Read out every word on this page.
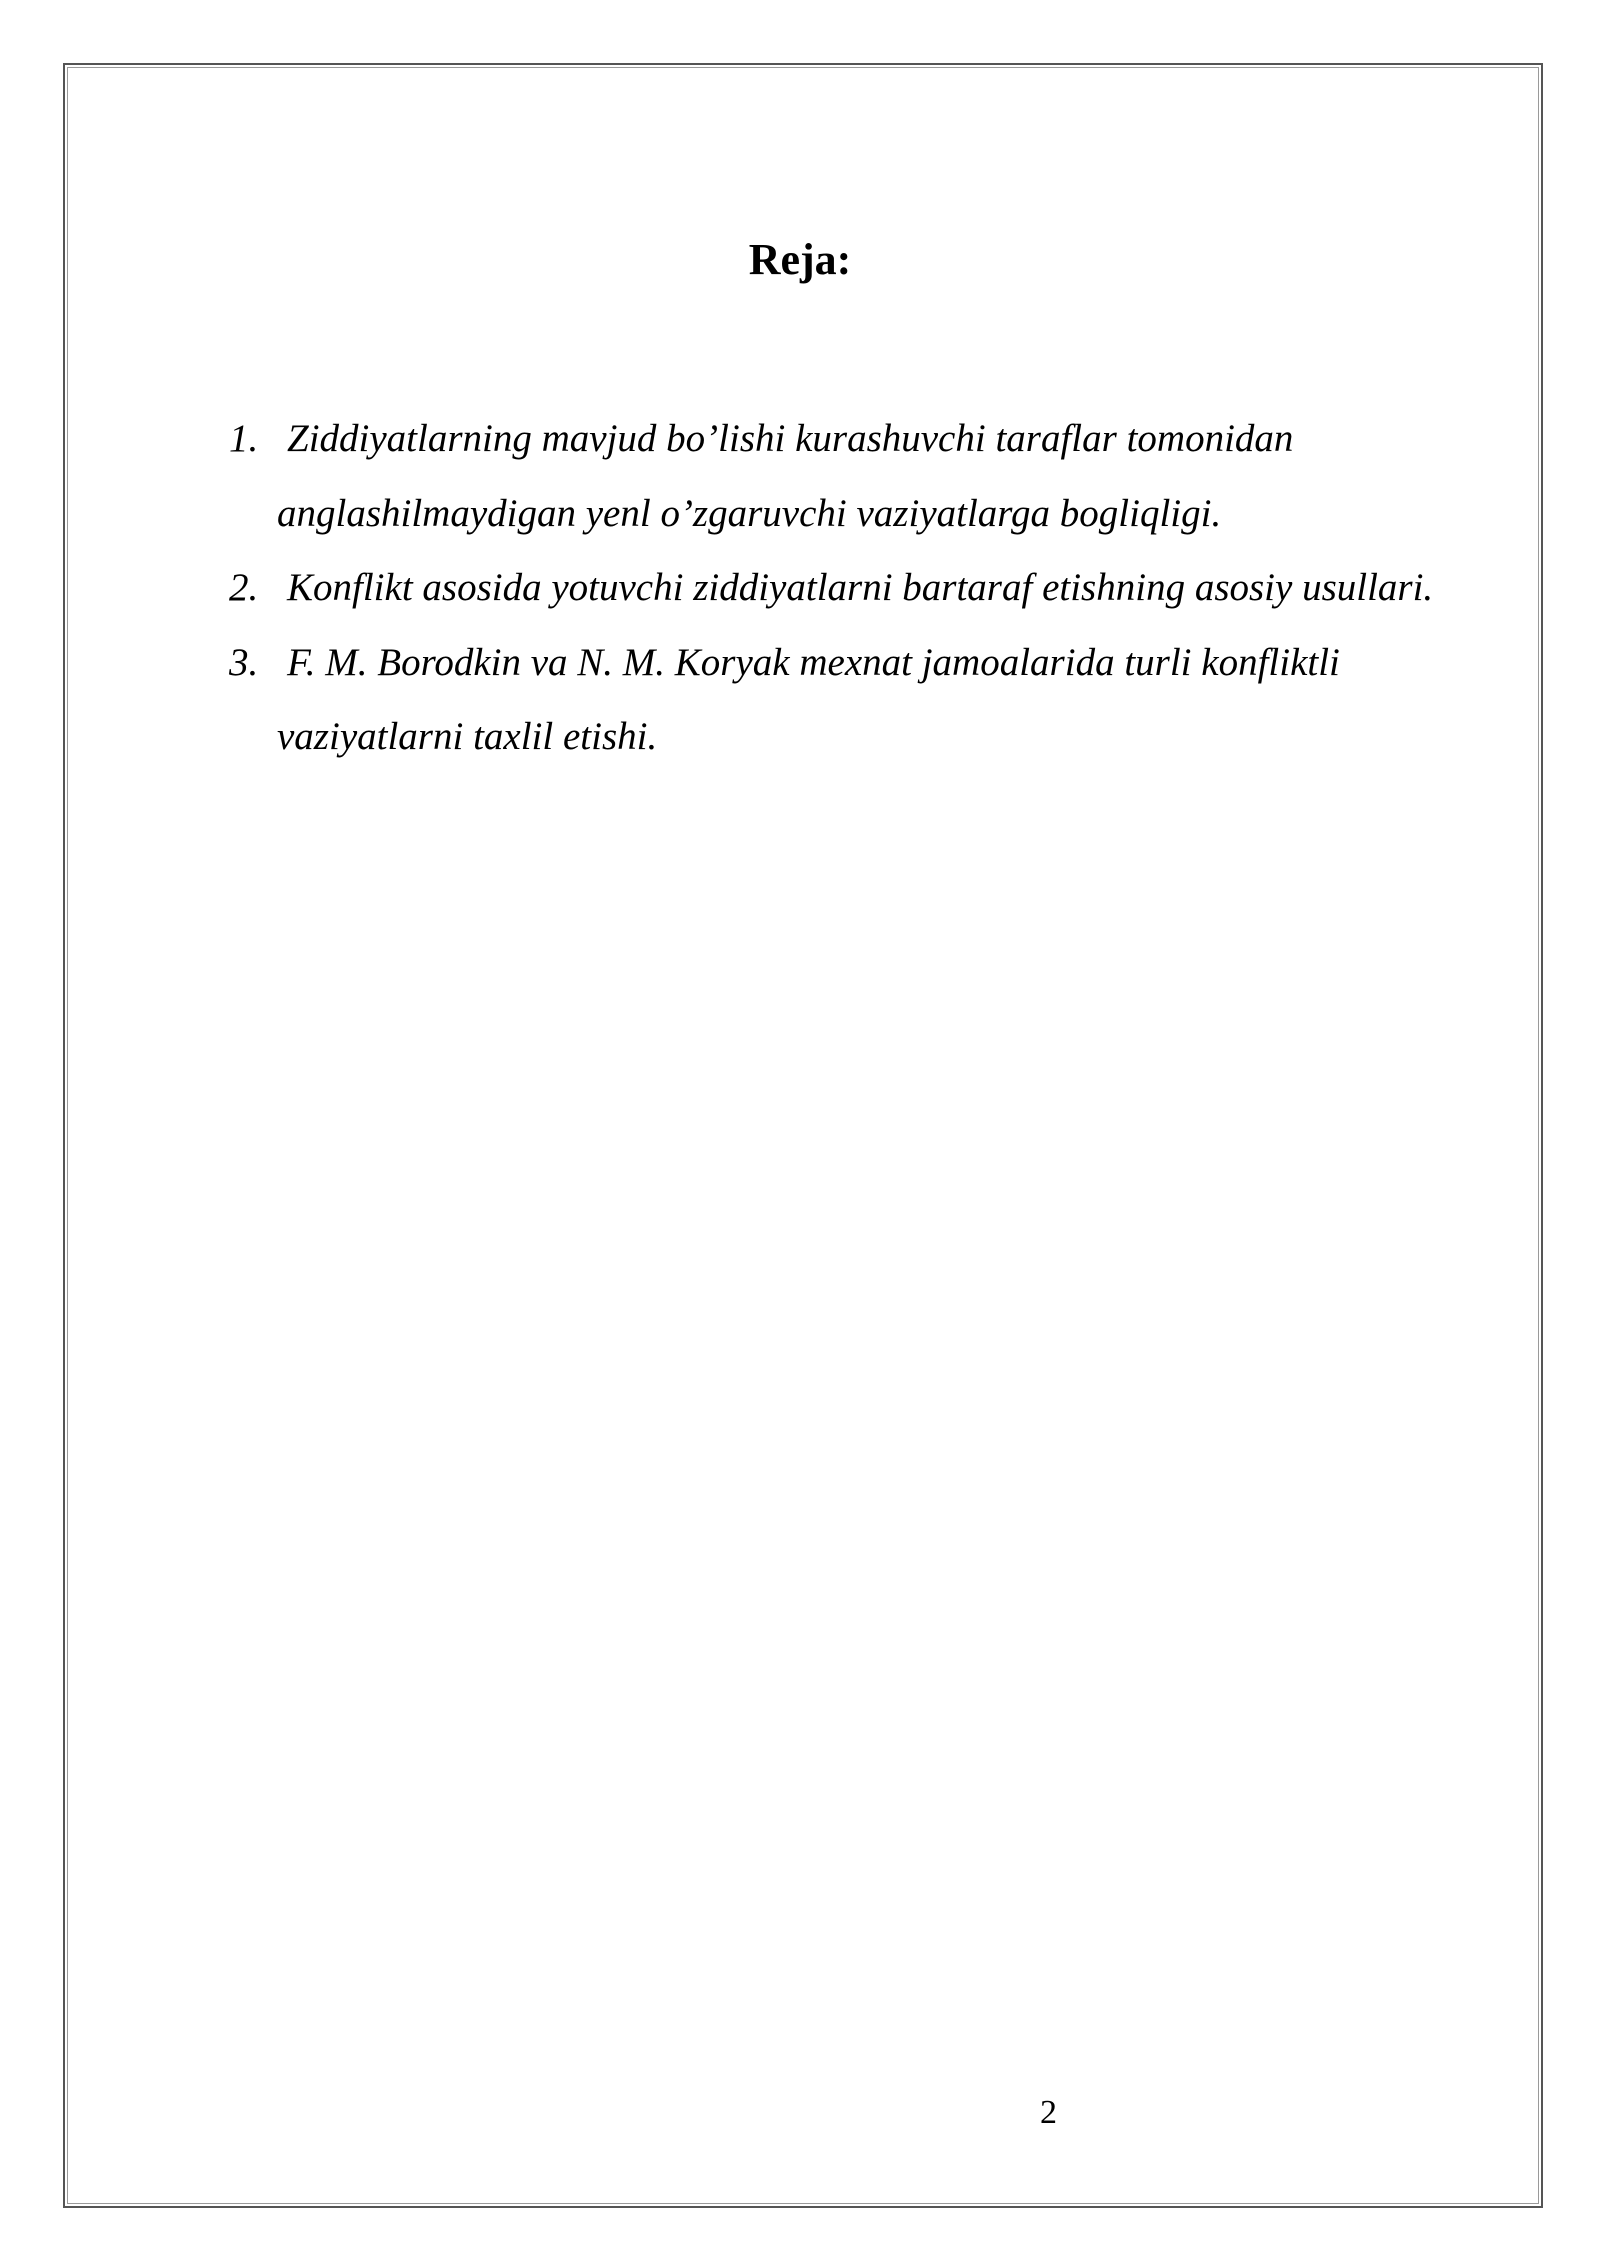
Reja:
1. Ziddiyatlarning mavjud bo’lishi kurashuvchi taraflar tomonidan anglashilmaydigan yenl o’zgaruvchi vaziyatlarga bogliqligi.
2. Konflikt asosida yotuvchi ziddiyatlarni bartaraf etishning asosiy usullari.
3. F. M. Borodkin va N. M. Koryak mexnat jamoalarida turli konfliktli vaziyatlarni taxlil etishi.

2
